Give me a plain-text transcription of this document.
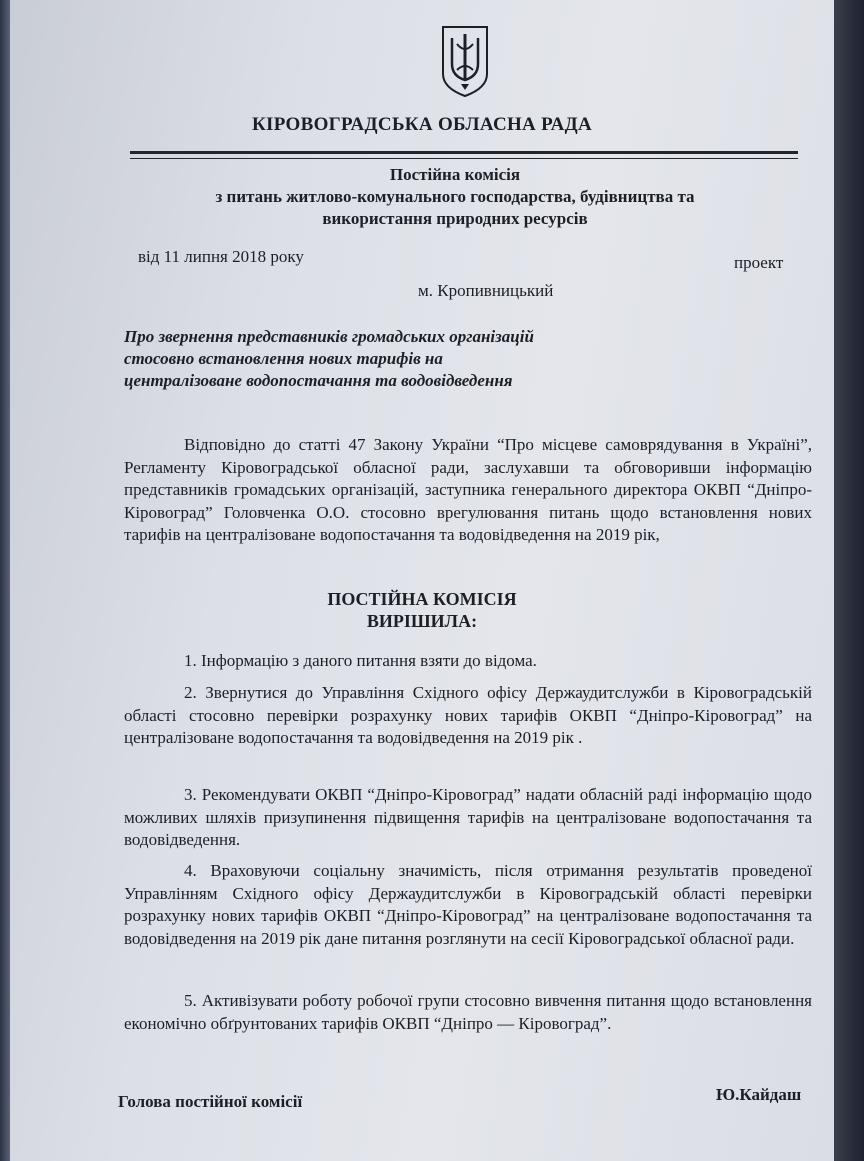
КІРОВОГРАДСЬКА ОБЛАСНА РАДА
Постійна комісія
з питань житлово-комунального господарства, будівництва та
використання природних ресурсів
від 11 липня 2018 року	проект
м. Кропивницький
Про звернення представників громадських організацій стосовно встановлення нових тарифів на централізоване водопостачання та водовідведення
Відповідно до статті 47 Закону України “Про місцеве самоврядування в Україні”, Регламенту Кіровоградської обласної ради, заслухавши та обговоривши інформацію представників громадських організацій, заступника генерального директора ОКВП “Дніпро-Кіровоград” Головченка О.О. стосовно врегулювання питань щодо встановлення нових тарифів на централізоване водопостачання та водовідведення на 2019 рік,
ПОСТІЙНА КОМІСІЯ
ВИРІШИЛА:
1. Інформацію з даного питання взяти до відома.
2. Звернутися до Управління Східного офісу Держаудитслужби в Кіровоградській області стосовно перевірки розрахунку нових тарифів ОКВП “Дніпро-Кіровоград” на централізоване водопостачання та водовідведення на 2019 рік .
3. Рекомендувати ОКВП “Дніпро-Кіровоград” надати обласній раді інформацію щодо можливих шляхів призупинення підвищення тарифів на централізоване водопостачання та водовідведення.
4. Враховуючи соціальну значимість, після отримання результатів проведеної Управлінням Східного офісу Держаудитслужби в Кіровоградській області перевірки розрахунку нових тарифів ОКВП “Дніпро-Кіровоград” на централізоване водопостачання та водовідведення на 2019 рік дане питання розглянути на сесії Кіровоградської обласної ради.
5. Активізувати роботу робочої групи стосовно вивчення питання щодо встановлення економічно обґрунтованих тарифів ОКВП “Дніпро — Кіровоград”.
Голова постійної комісії	Ю.Кайдаш
